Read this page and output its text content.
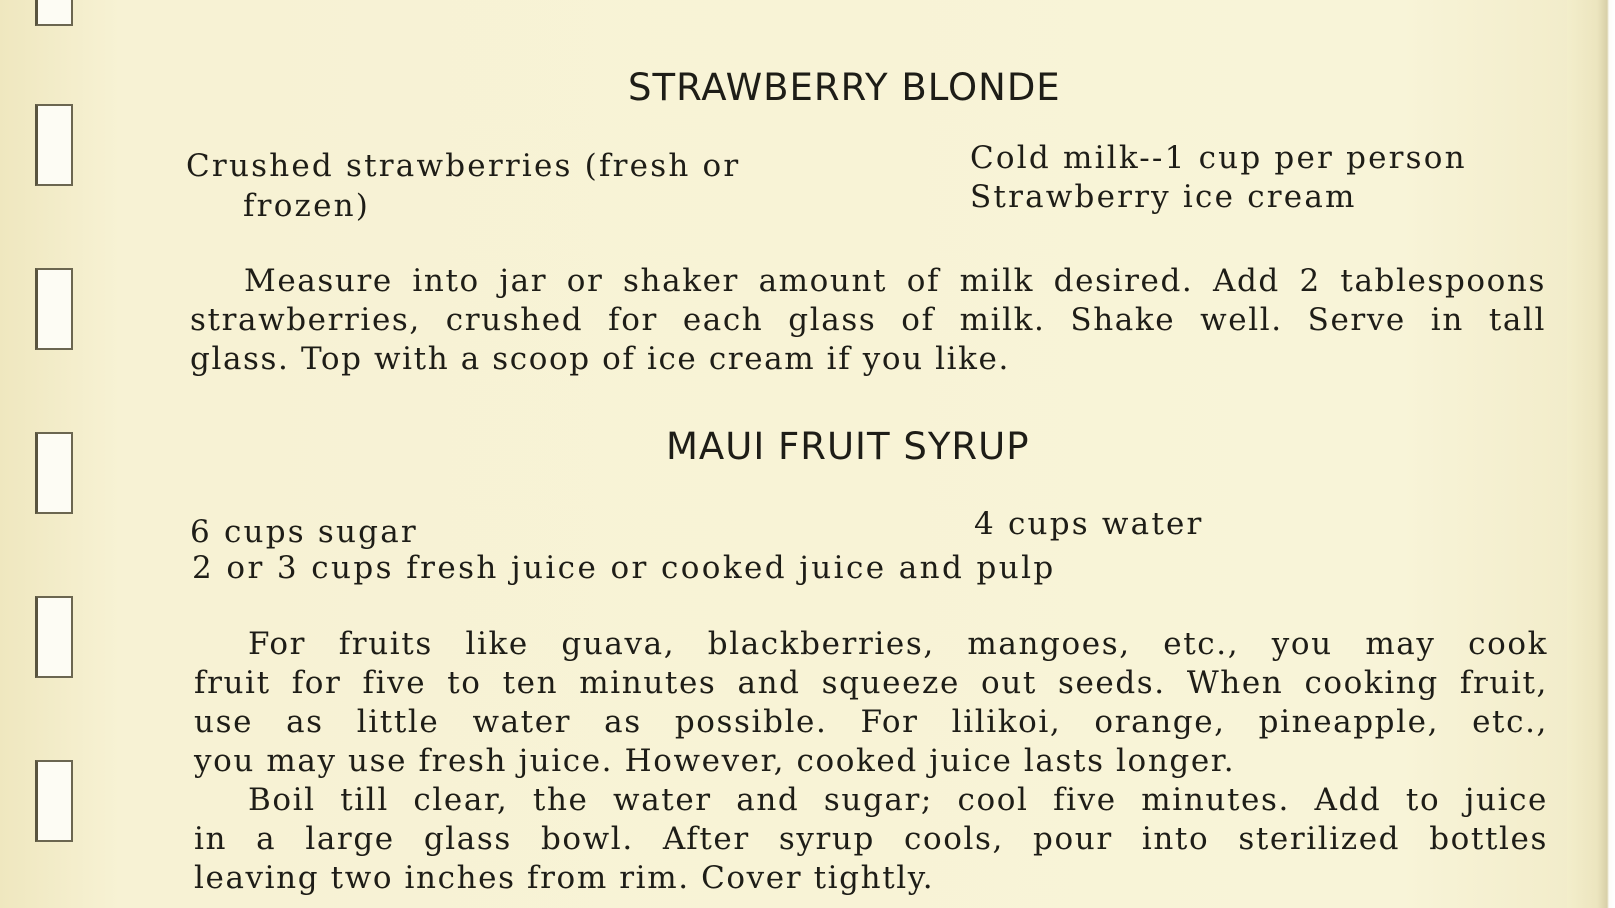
STRAWBERRY BLONDE
Crushed strawberries (fresh or
frozen)
Cold milk--1 cup per person
Strawberry ice cream
Measure into jar or shaker amount of milk desired. Add 2 tablespoons
strawberries, crushed for each glass of milk. Shake well. Serve in tall
glass. Top with a scoop of ice cream if you like.
MAUI FRUIT SYRUP
6 cups sugar	4 cups water
2 or 3 cups fresh juice or cooked juice and pulp
For fruits like guava, blackberries, mangoes, etc., you may cook
fruit for five to ten minutes and squeeze out seeds. When cooking fruit,
use as little water as possible. For lilikoi, orange, pineapple, etc.,
you may use fresh juice. However, cooked juice lasts longer.
Boil till clear, the water and sugar; cool five minutes. Add to juice
in a large glass bowl. After syrup cools, pour into sterilized bottles
leaving two inches from rim. Cover tightly.
